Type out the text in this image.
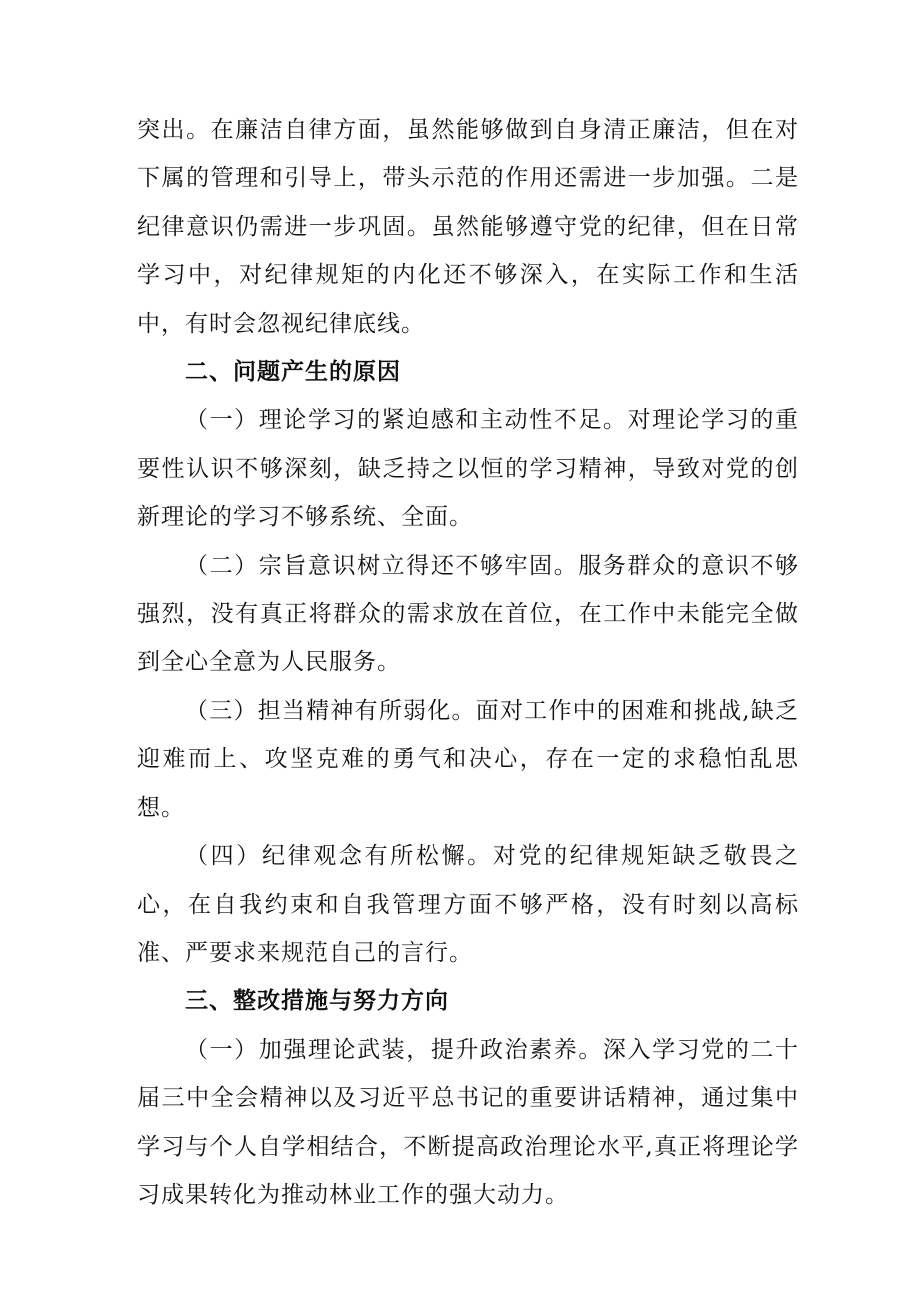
突出。在廉洁自律方面，虽然能够做到自身清正廉洁，但在对下属的管理和引导上，带头示范的作用还需进一步加强。二是纪律意识仍需进一步巩固。虽然能够遵守党的纪律，但在日常学习中，对纪律规矩的内化还不够深入，在实际工作和生活中，有时会忽视纪律底线。

二、问题产生的原因

（一）理论学习的紧迫感和主动性不足。对理论学习的重要性认识不够深刻，缺乏持之以恒的学习精神，导致对党的创新理论的学习不够系统、全面。

（二）宗旨意识树立得还不够牢固。服务群众的意识不够强烈，没有真正将群众的需求放在首位，在工作中未能完全做到全心全意为人民服务。

（三）担当精神有所弱化。面对工作中的困难和挑战,缺乏迎难而上、攻坚克难的勇气和决心，存在一定的求稳怕乱思想。

（四）纪律观念有所松懈。对党的纪律规矩缺乏敬畏之心，在自我约束和自我管理方面不够严格，没有时刻以高标准、严要求来规范自己的言行。

三、整改措施与努力方向

（一）加强理论武装，提升政治素养。深入学习党的二十届三中全会精神以及习近平总书记的重要讲话精神，通过集中学习与个人自学相结合，不断提高政治理论水平,真正将理论学习成果转化为推动林业工作的强大动力。
